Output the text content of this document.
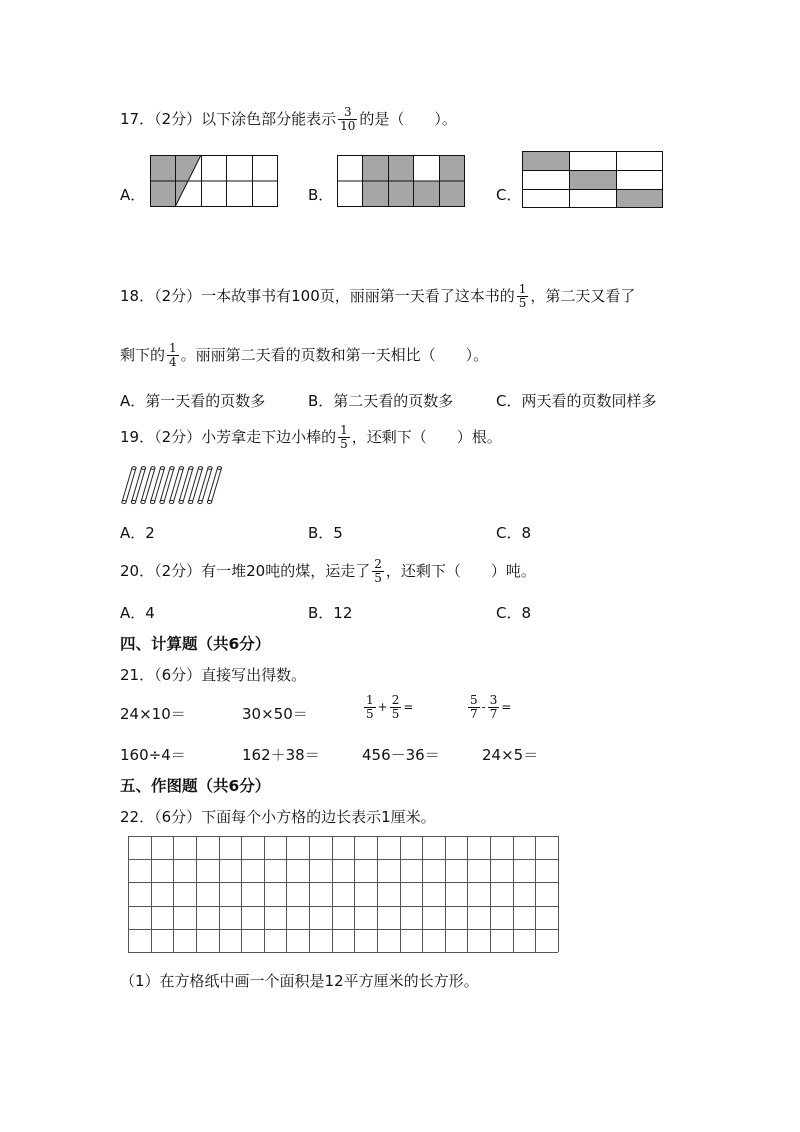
17．（2分）以下涂色部分能表示 $\frac{3}{10}$ 的是（　　）。
A．	B．	C．
18．（2分）一本故事书有100页，丽丽第一天看了这本书的 $\frac{1}{5}$ ，第二天又看了
剩下的 $\frac{1}{4}$ 。丽丽第二天看的页数和第一天相比（　　）。
A．第一天看的页数多	B．第二天看的页数多	C．两天看的页数同样多
19．（2分）小芳拿走下边小棒的 $\frac{1}{5}$ ，还剩下（　　）根。
A．2	B．5	C．8
20．（2分）有一堆20吨的煤，运走了 $\frac{2}{5}$ ，还剩下（　　）吨。
A．4	B．12	C．8
四、计算题（共6分）
21．（6分）直接写出得数。
24×10＝	30×50＝	$\frac{1}{5} + \frac{2}{5}$ =	$\frac{5}{7} - \frac{3}{7}$ =
160÷4＝	162＋38＝	456－36＝	24×5＝
五、作图题（共6分）
22．（6分）下面每个小方格的边长表示1厘米。
（1）在方格纸中画一个面积是12平方厘米的长方形。
